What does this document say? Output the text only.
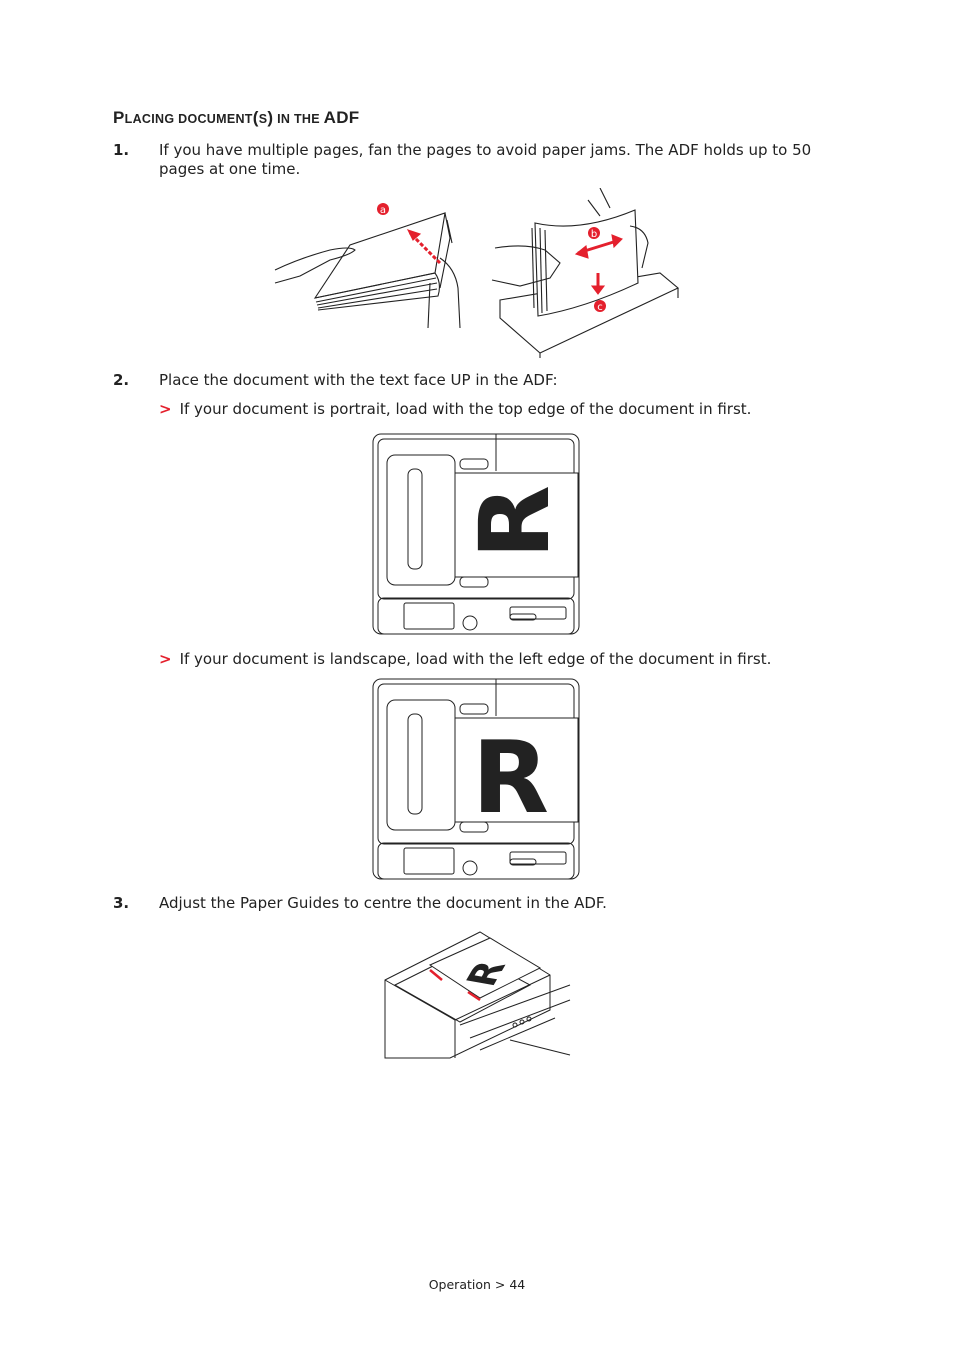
PLACING DOCUMENT(S) IN THE ADF
1. If you have multiple pages, fan the pages to avoid paper jams. The ADF holds up to 50 pages at one time.
a
b
c
2. Place the document with the text face UP in the ADF:
> If your document is portrait, load with the top edge of the document in first.
R
> If your document is landscape, load with the left edge of the document in first.
R
3. Adjust the Paper Guides to centre the document in the ADF.
R
Operation > 44
